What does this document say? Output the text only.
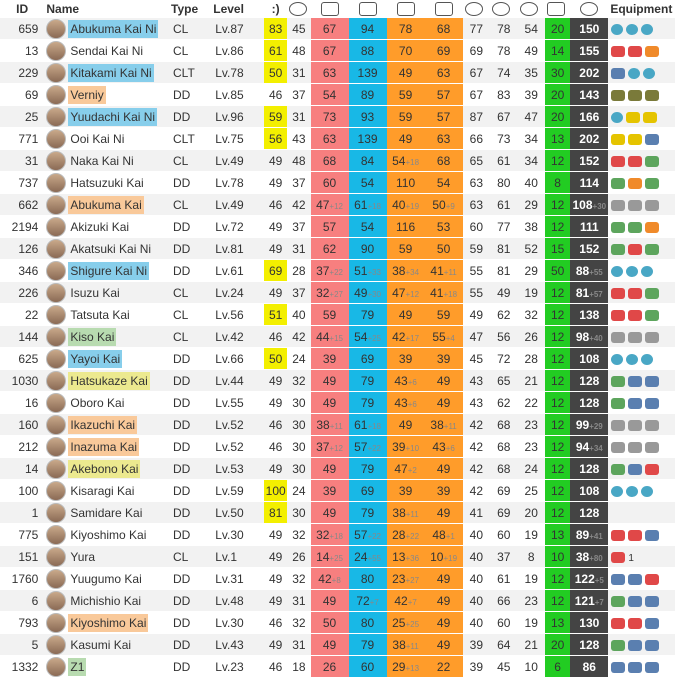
ID	Name	Type	Level	:)											Equipment
659	Abukuma Kai Ni	CL	Lv.87	83	45	67	94	78	68	77	78	54	20	150	
13	Sendai Kai Ni	CL	Lv.86	61	48	67	88	70	69	69	78	49	14	155	
229	Kitakami Kai Ni	CLT	Lv.78	50	31	63	139	49	63	67	74	35	30	202	
69	Verniy	DD	Lv.85	46	37	54	89	59	57	67	83	39	20	143	
25	Yuudachi Kai Ni	DD	Lv.96	59	31	73	93	59	57	87	67	47	20	166	
771	Ooi Kai Ni	CLT	Lv.75	56	43	63	139	49	63	66	73	34	13	202	
31	Naka Kai Ni	CL	Lv.49	49	48	68	84	54+18	68	65	61	34	12	152	
737	Hatsuzuki Kai	DD	Lv.78	49	37	60	54	110	54	63	80	40	8	114	
662	Abukuma Kai	CL	Lv.49	46	42	47+12	61+18	40+19	50+9	63	61	29	12	108+30	
2194	Akizuki Kai	DD	Lv.72	49	37	57	54	116	53	60	77	38	12	111	
126	Akatsuki Kai Ni	DD	Lv.81	49	31	62	90	59	50	59	81	52	15	152	
346	Shigure Kai Ni	DD	Lv.61	69	28	37+22	51+33	38+34	41+11	55	81	29	50	88+55	
226	Isuzu Kai	CL	Lv.24	49	37	32+27	49+30	47+12	41+18	55	49	19	12	81+57	
22	Tatsuta Kai	CL	Lv.56	51	40	59	79	49	59	49	62	32	12	138	
144	Kiso Kai	CL	Lv.42	46	42	44+15	54+25	42+17	55+4	47	56	26	12	98+40	
625	Yayoi Kai	DD	Lv.66	50	24	39	69	39	39	45	72	28	12	108	
1030	Hatsukaze Kai	DD	Lv.44	49	32	49	79	43+6	49	43	65	21	12	128	
16	Oboro Kai	DD	Lv.55	49	30	49	79	43+6	49	43	62	22	12	128	
160	Ikazuchi Kai	DD	Lv.52	46	30	38+11	61+18	49	38+11	42	68	23	12	99+29	
212	Inazuma Kai	DD	Lv.52	46	30	37+12	57+22	39+10	43+6	42	68	23	12	94+34	
14	Akebono Kai	DD	Lv.53	49	30	49	79	47+2	49	42	68	24	12	128	
100	Kisaragi Kai	DD	Lv.59	100	24	39	69	39	39	42	69	25	12	108	
1	Samidare Kai	DD	Lv.50	81	30	49	79	38+11	49	41	69	20	12	128	
775	Kiyoshimo Kai	DD	Lv.30	49	32	32+18	57+22	28+22	48+1	40	60	19	13	89+41	
151	Yura	CL	Lv.1	49	26	14+25	24+55	13+36	10+19	40	37	8	10	38+80	1
1760	Yuugumo Kai	DD	Lv.31	49	32	42+8	80	23+27	49	40	61	19	12	122+5	
6	Michishio Kai	DD	Lv.48	49	31	49	72+7	42+7	49	40	66	23	12	121+7	
793	Kiyoshimo Kai	DD	Lv.30	46	32	50	80	25+25	49	40	60	19	13	130	
5	Kasumi Kai	DD	Lv.43	49	31	49	79	38+11	49	39	64	21	20	128	
1332	Z1	DD	Lv.23	46	18	26	60	29+13	22	39	45	10	6	86	
